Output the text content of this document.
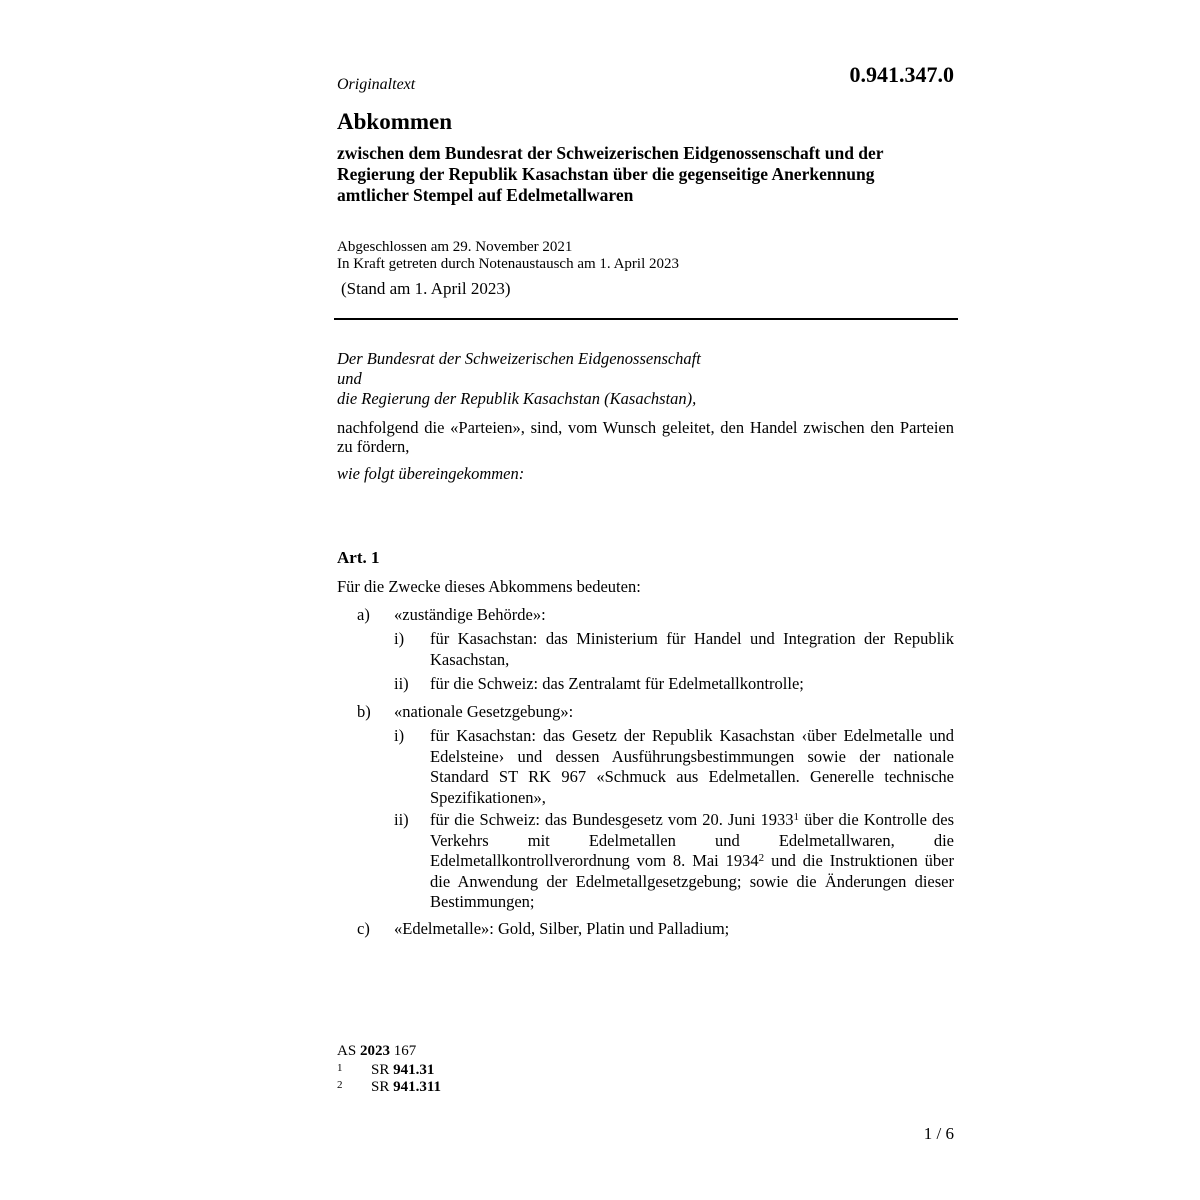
Originaltext	0.941.347.0
Abkommen
zwischen dem Bundesrat der Schweizerischen Eidgenossenschaft und der Regierung der Republik Kasachstan über die gegenseitige Anerkennung amtlicher Stempel auf Edelmetallwaren
Abgeschlossen am 29. November 2021
In Kraft getreten durch Notenaustausch am 1. April 2023
(Stand am 1. April 2023)
Der Bundesrat der Schweizerischen Eidgenossenschaft
und
die Regierung der Republik Kasachstan (Kasachstan),
nachfolgend die «Parteien», sind, vom Wunsch geleitet, den Handel zwischen den Parteien zu fördern,
wie folgt übereingekommen:
Art. 1
Für die Zwecke dieses Abkommens bedeuten:
a) «zuständige Behörde»:
i) für Kasachstan: das Ministerium für Handel und Integration der Republik Kasachstan,
ii) für die Schweiz: das Zentralamt für Edelmetallkontrolle;
b) «nationale Gesetzgebung»:
i) für Kasachstan: das Gesetz der Republik Kasachstan ‹über Edelmetalle und Edelsteine› und dessen Ausführungsbestimmungen sowie der nationale Standard ST RK 967 «Schmuck aus Edelmetallen. Generelle technische Spezifikationen»,
ii) für die Schweiz: das Bundesgesetz vom 20. Juni 1933$^1$ über die Kontrolle des Verkehrs mit Edelmetallen und Edelmetallwaren, die Edelmetallkontrollverordnung vom 8. Mai 1934$^2$ und die Instruktionen über die Anwendung der Edelmetallgesetzgebung; sowie die Änderungen dieser Bestimmungen;
c) «Edelmetalle»: Gold, Silber, Platin und Palladium;
AS 2023 167
1 SR 941.31
2 SR 941.311
1 / 6
